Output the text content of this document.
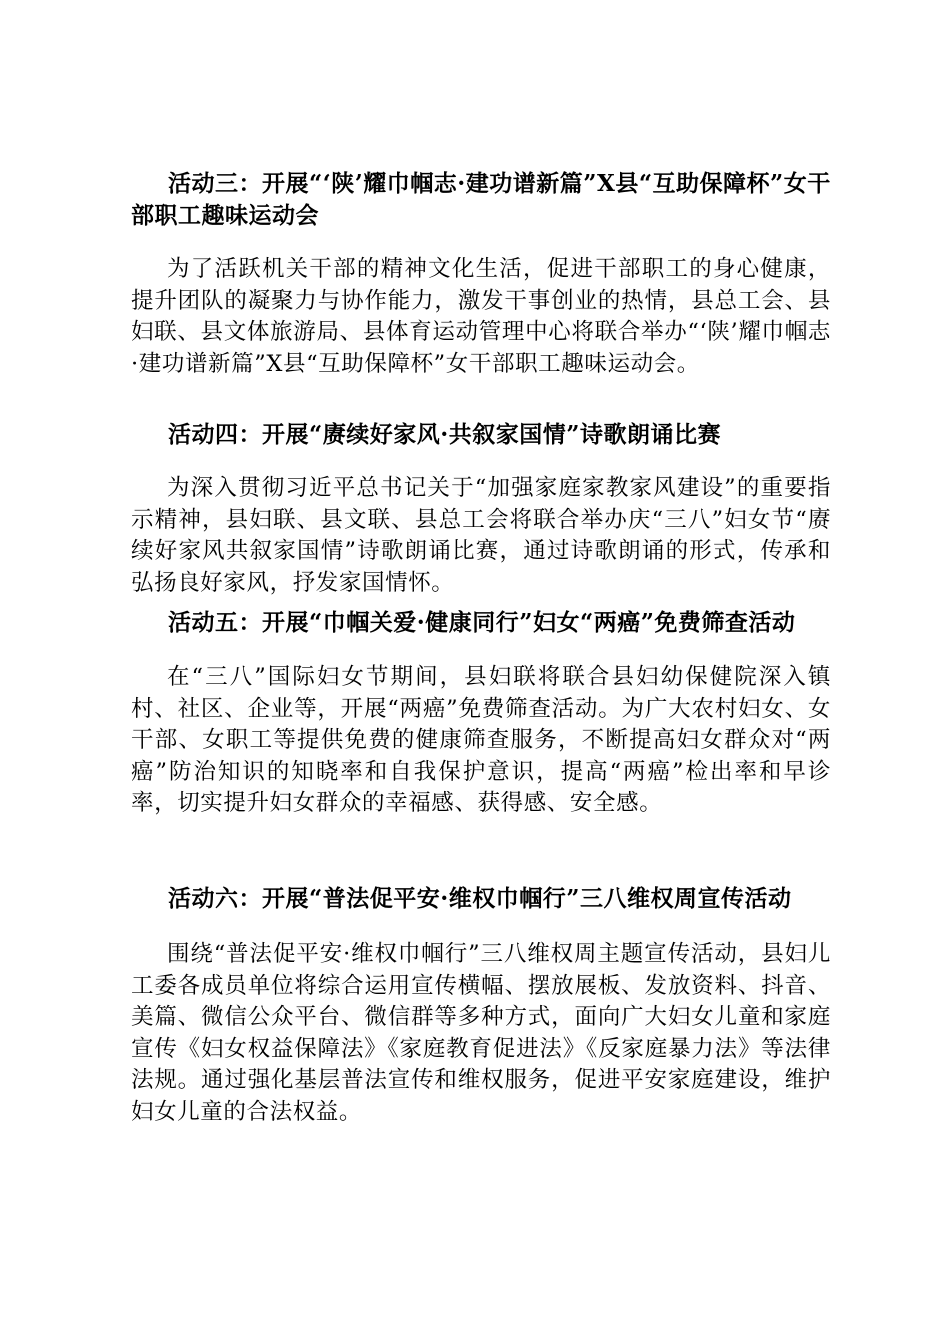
活动三：开展“‘陕’耀巾帼志·建功谱新篇”X县“互助保障杯”女干部职工趣味运动会

为了活跃机关干部的精神文化生活，促进干部职工的身心健康，提升团队的凝聚力与协作能力，激发干事创业的热情，县总工会、县妇联、县文体旅游局、县体育运动管理中心将联合举办“‘陕’耀巾帼志·建功谱新篇”X县“互助保障杯”女干部职工趣味运动会。

活动四：开展“赓续好家风·共叙家国情”诗歌朗诵比赛

为深入贯彻习近平总书记关于“加强家庭家教家风建设”的重要指示精神，县妇联、县文联、县总工会将联合举办庆“三八”妇女节“赓续好家风共叙家国情”诗歌朗诵比赛，通过诗歌朗诵的形式，传承和弘扬良好家风，抒发家国情怀。

活动五：开展“巾帼关爱·健康同行”妇女“两癌”免费筛查活动

在“三八”国际妇女节期间，县妇联将联合县妇幼保健院深入镇村、社区、企业等，开展“两癌”免费筛查活动。为广大农村妇女、女干部、女职工等提供免费的健康筛查服务，不断提高妇女群众对“两癌”防治知识的知晓率和自我保护意识，提高“两癌”检出率和早诊率，切实提升妇女群众的幸福感、获得感、安全感。

活动六：开展“普法促平安·维权巾帼行”三八维权周宣传活动

围绕“普法促平安·维权巾帼行”三八维权周主题宣传活动，县妇儿工委各成员单位将综合运用宣传横幅、摆放展板、发放资料、抖音、美篇、微信公众平台、微信群等多种方式，面向广大妇女儿童和家庭宣传《妇女权益保障法》《家庭教育促进法》《反家庭暴力法》等法律法规。通过强化基层普法宣传和维权服务，促进平安家庭建设，维护妇女儿童的合法权益。
